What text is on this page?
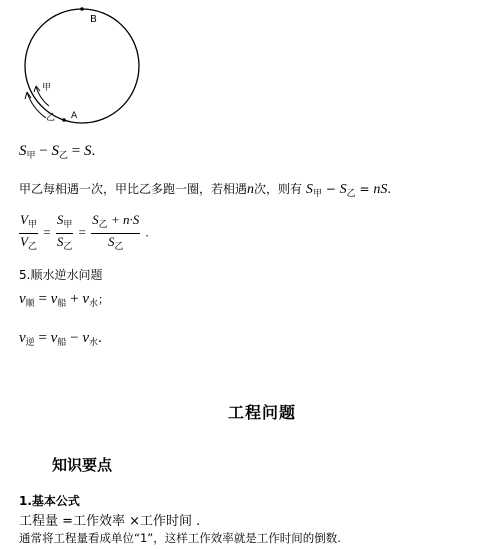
B
甲
乙 A
$S_甲 - S_乙 = S$.
甲乙每相遇一次，甲比乙多跑一圈，若相遇n次，则有 $S_甲 - S_乙$ = nS.
$\frac{V_甲}{V_乙} = \frac{S_甲}{S_乙} = \frac{S_乙 + n\cdot S}{S_乙}$ .
5.顺水逆水问题
$v_顺 = v_船 + v_水$；
$v_逆 = v_船 - v_水$.
工程问题
知识要点
1.基本公式
工程量 =工作效率 ×工作时间 .
通常将工程量看成单位“1”，这样工作效率就是工作时间的倒数.
